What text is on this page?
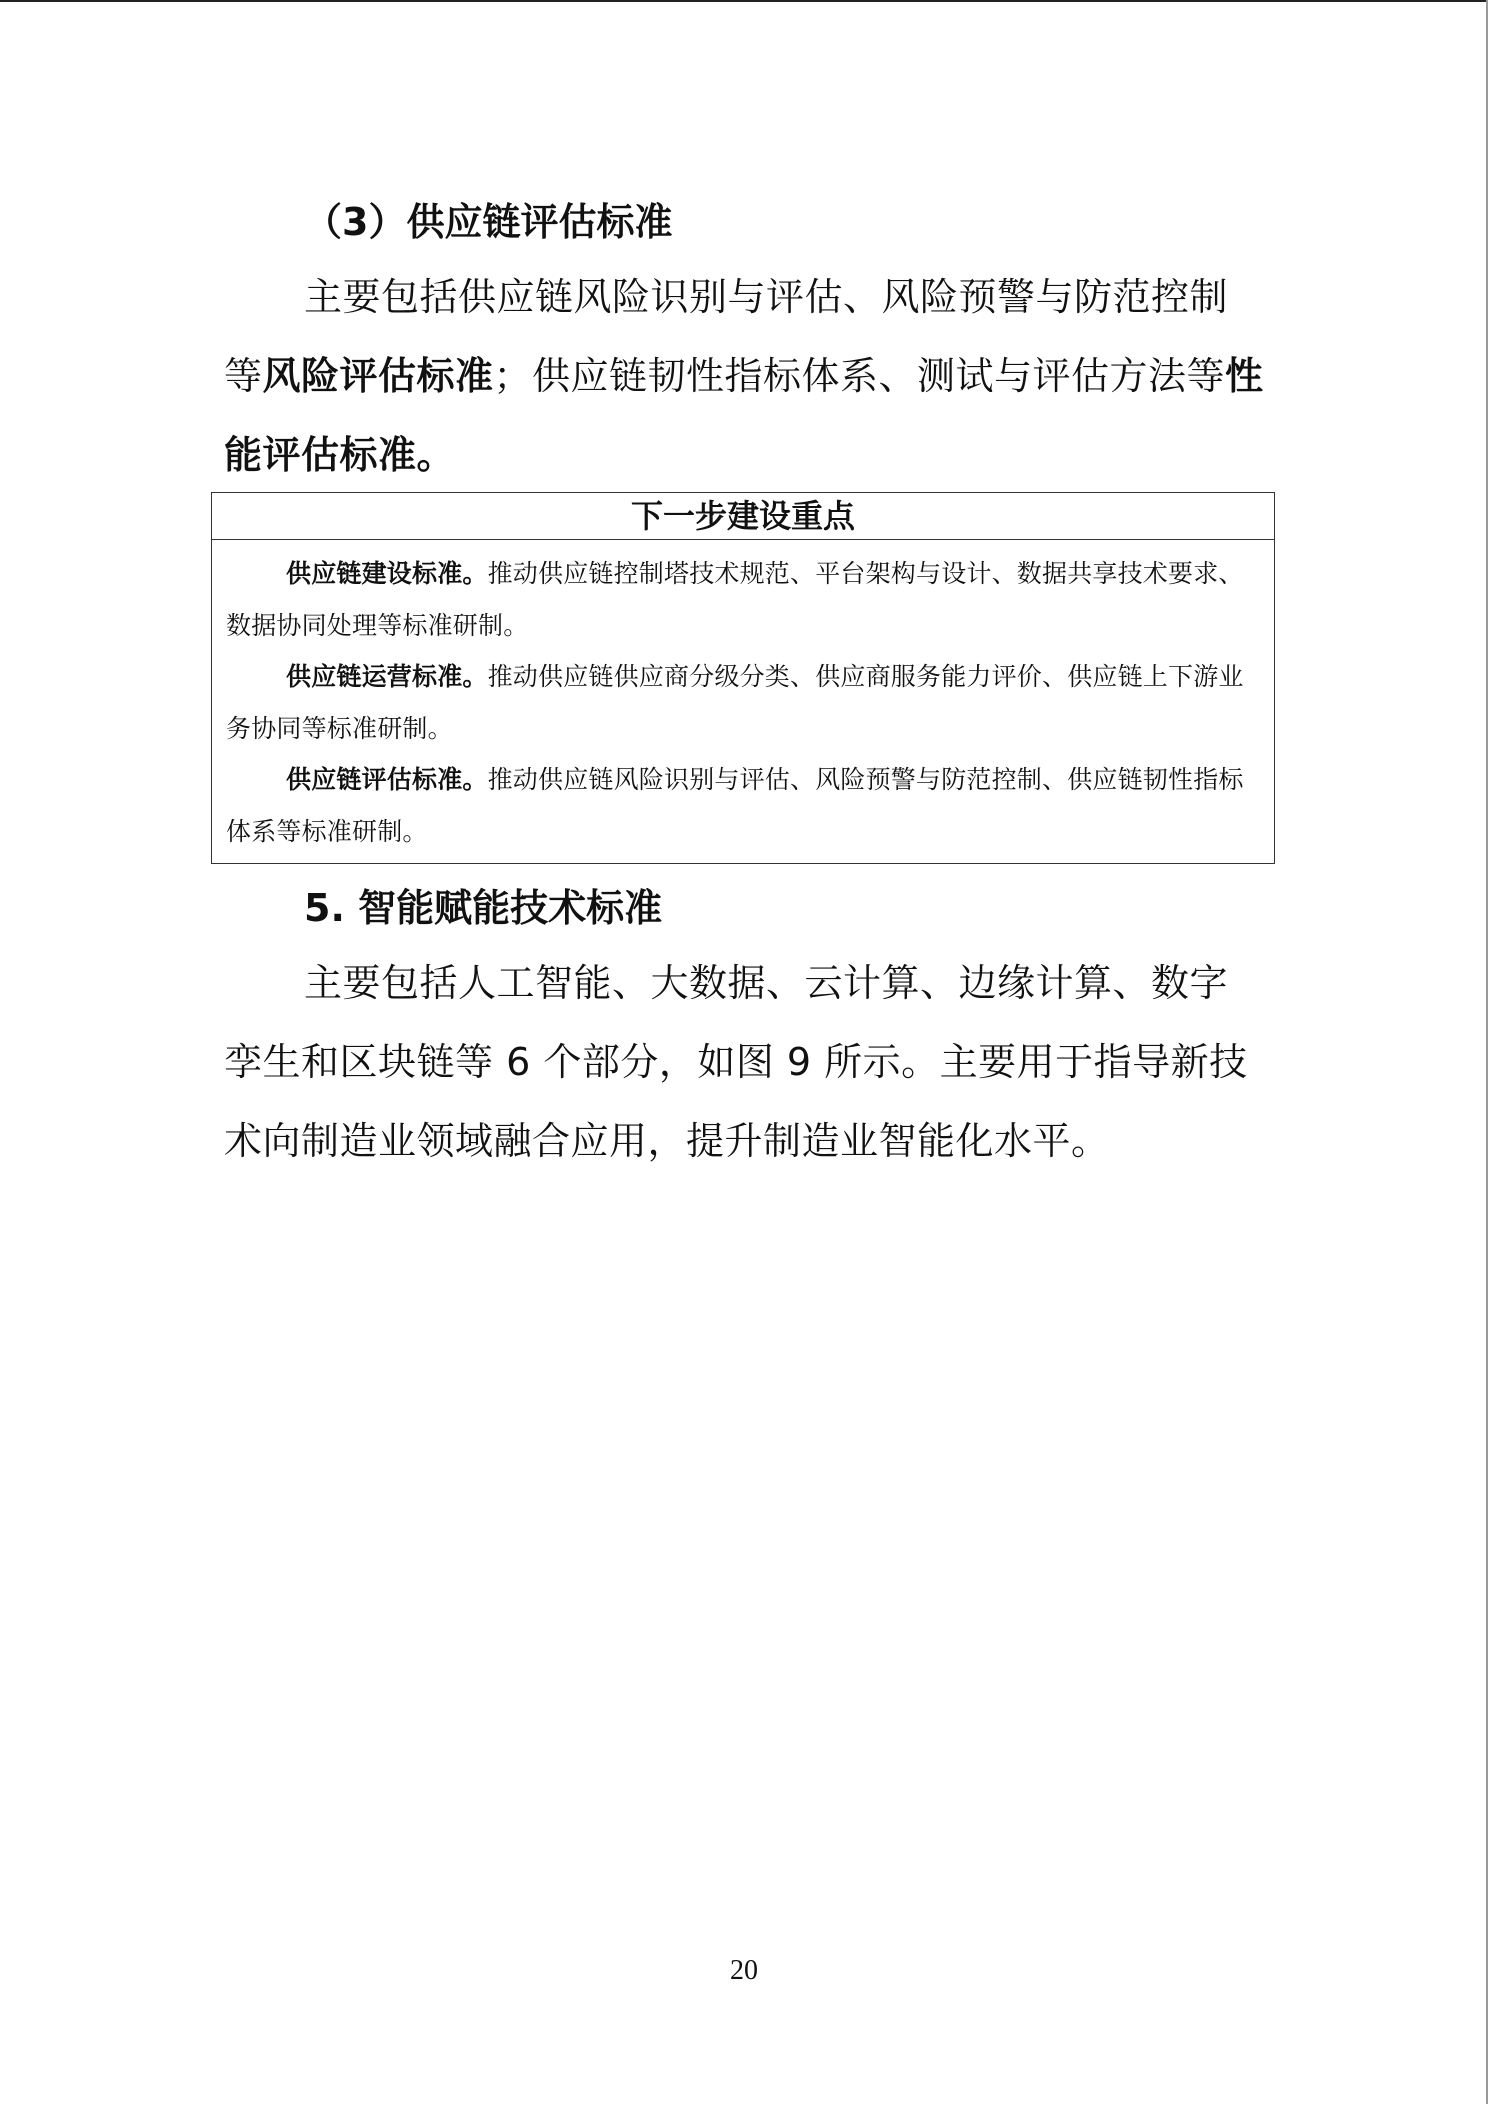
（3）供应链评估标准

主要包括供应链风险识别与评估、风险预警与防范控制等风险评估标准；供应链韧性指标体系、测试与评估方法等性能评估标准。

下一步建设重点

供应链建设标准。推动供应链控制塔技术规范、平台架构与设计、数据共享技术要求、数据协同处理等标准研制。

供应链运营标准。推动供应链供应商分级分类、供应商服务能力评价、供应链上下游业务协同等标准研制。

供应链评估标准。推动供应链风险识别与评估、风险预警与防范控制、供应链韧性指标体系等标准研制。

5. 智能赋能技术标准

主要包括人工智能、大数据、云计算、边缘计算、数字孪生和区块链等 6 个部分，如图 9 所示。主要用于指导新技术向制造业领域融合应用，提升制造业智能化水平。

20
